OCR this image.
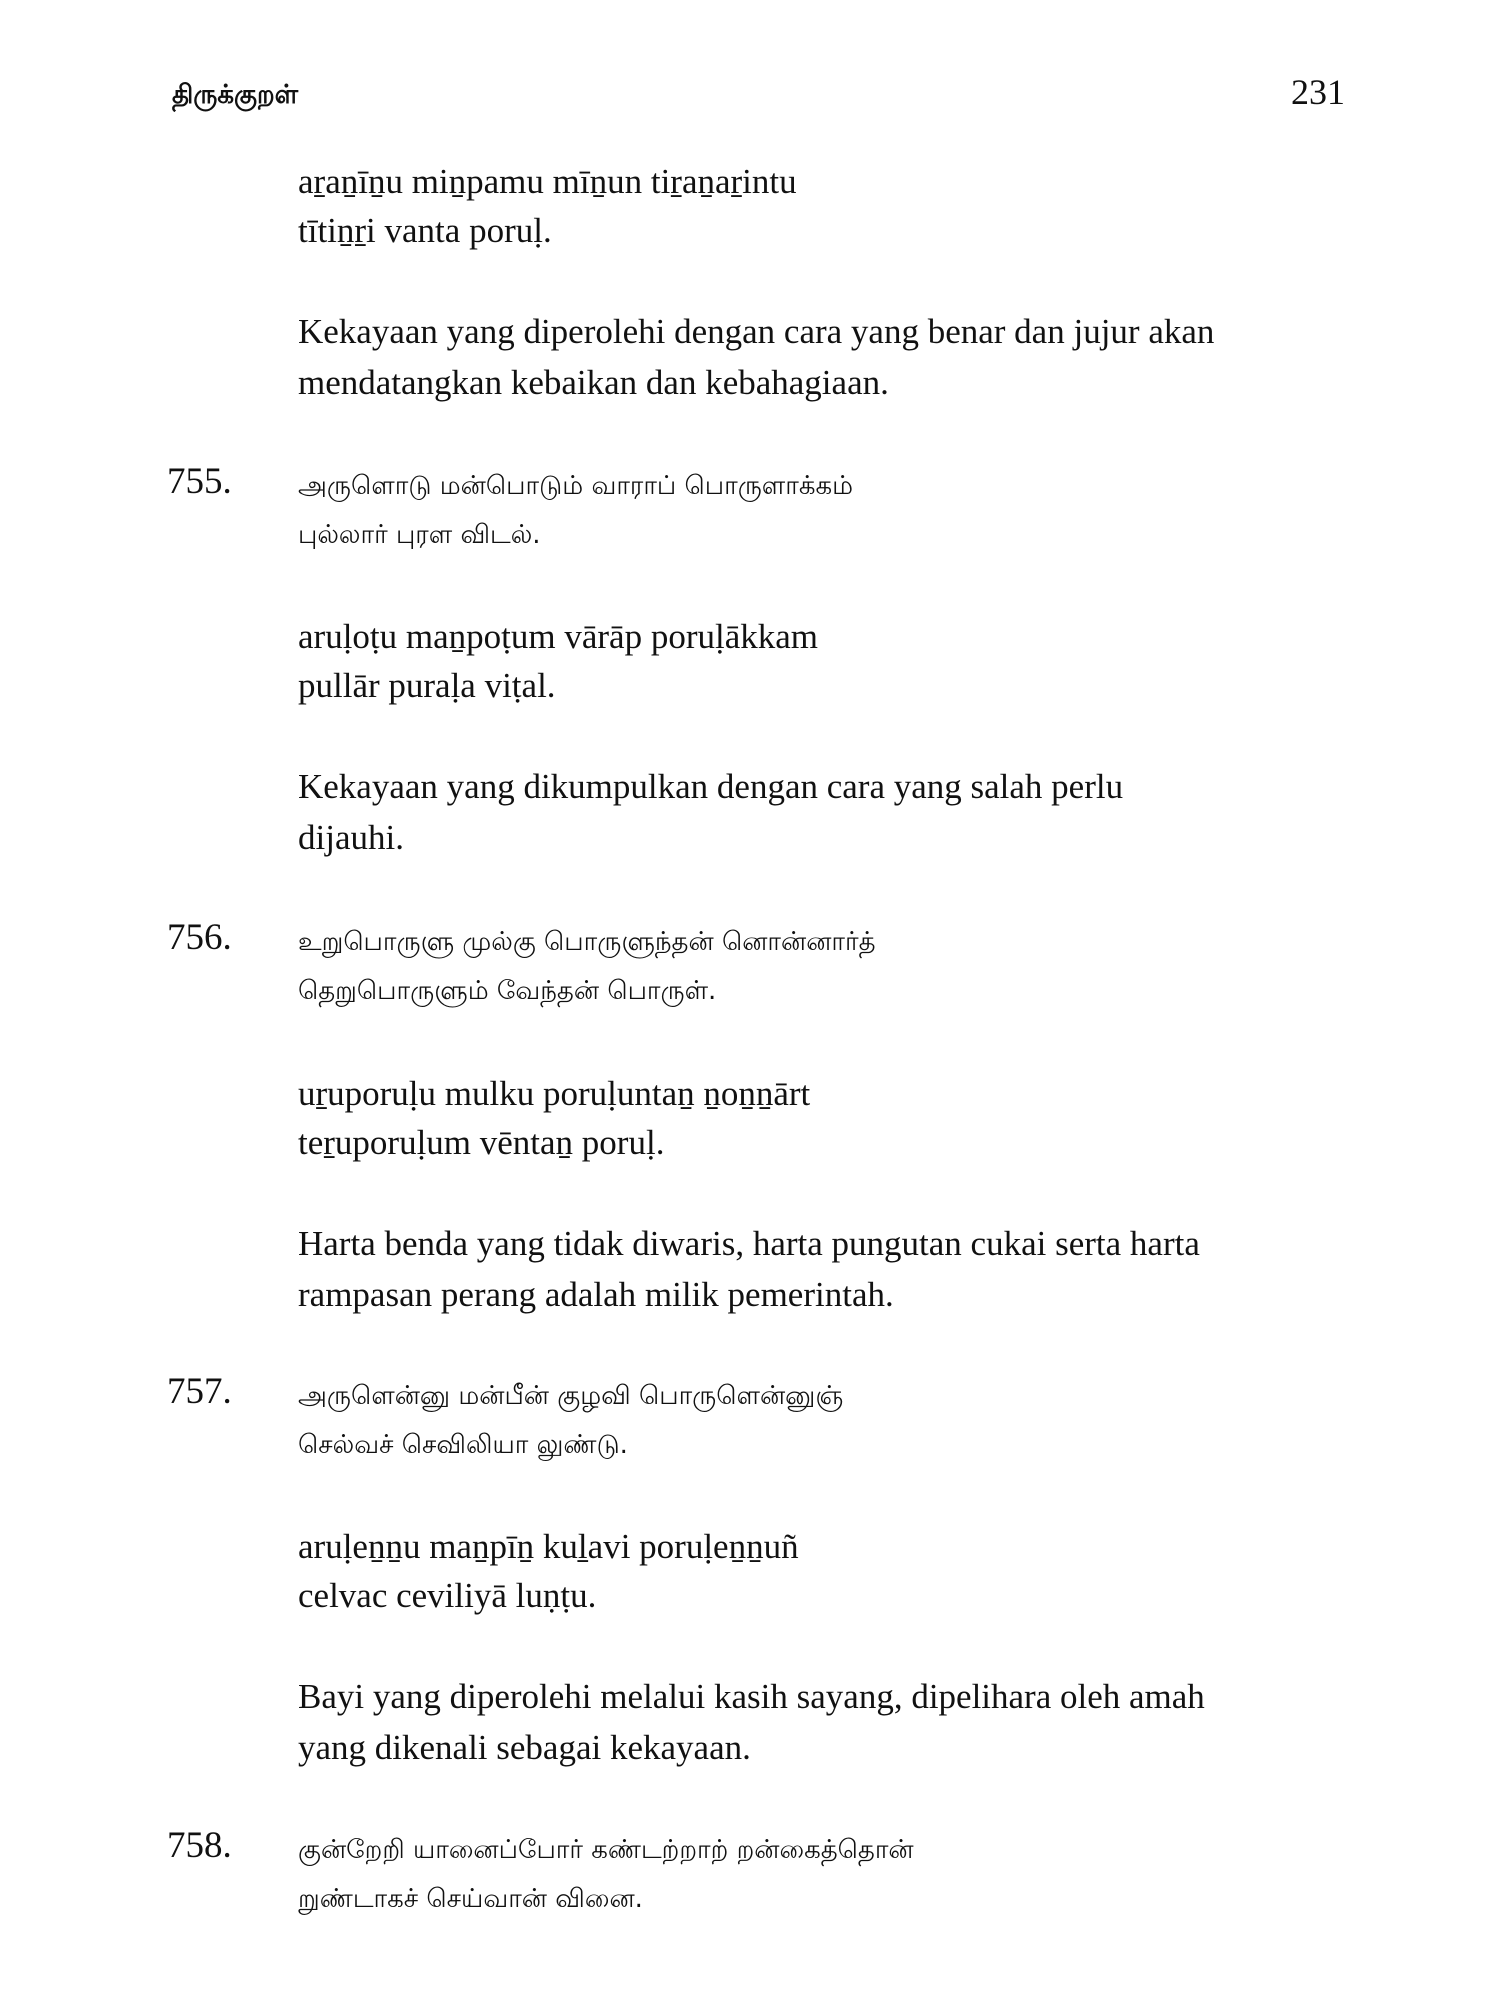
திருக்குறள்	231
aṟaṉīṉu miṉpamu mīṉun tiṟaṉaṟintu
tītiṉṟi vanta poruḷ.
Kekayaan yang diperolehi dengan cara yang benar dan jujur akan
mendatangkan kebaikan dan kebahagiaan.
755.	அருளொடு மன்பொடும் வாராப் பொருளாக்கம்
புல்லார் புரள விடல்.
aruḷoṭu maṉpoṭum vārāp poruḷākkam
pullār puraḷa viṭal.
Kekayaan yang dikumpulkan dengan cara yang salah perlu
dijauhi.
756.	உறுபொருளு முல்கு பொருளுந்தன் னொன்னார்த்
தெறுபொருளும் வேந்தன் பொருள்.
uṟuporuḷu mulku poruḷuntaṉ ṉoṉṉārt
teṟuporuḷum vēntaṉ poruḷ.
Harta benda yang tidak diwaris, harta pungutan cukai serta harta
rampasan perang adalah milik pemerintah.
757.	அருளென்னு மன்பீன் குழவி பொருளென்னுஞ்
செல்வச் செவிலியா லுண்டு.
aruḷeṉṉu maṉpīṉ kuḻavi poruḷeṉṉuñ
celvac ceviliyā luṇṭu.
Bayi yang diperolehi melalui kasih sayang, dipelihara oleh amah
yang dikenali sebagai kekayaan.
758.	குன்றேறி யானைப்போர் கண்டற்றாற் றன்கைத்தொன்
றுண்டாகச் செய்வான் வினை.
